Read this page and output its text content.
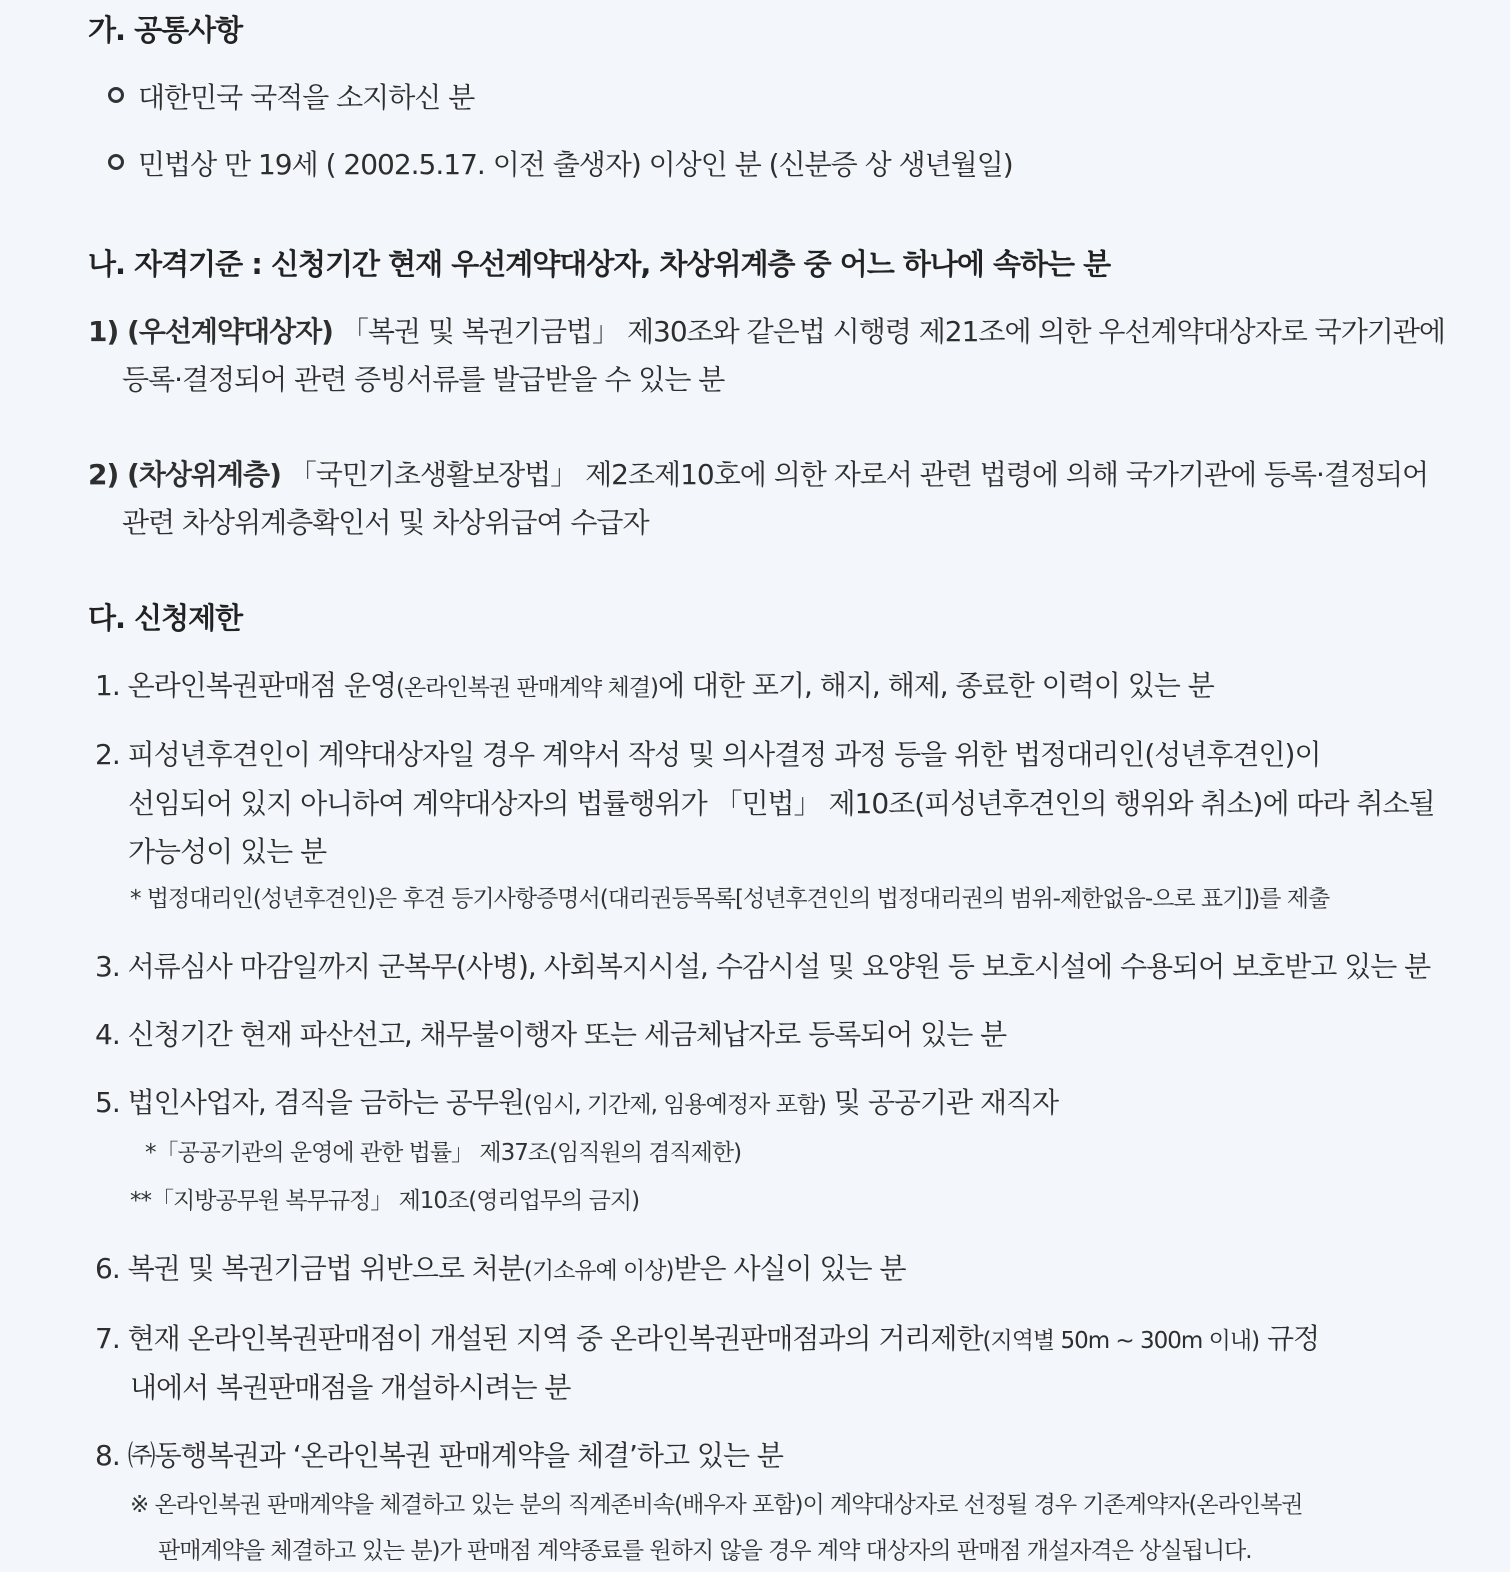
가. 공통사항
대한민국 국적을 소지하신 분
민법상 만 19세 ( 2002.5.17. 이전 출생자) 이상인 분 (신분증 상 생년월일)
나. 자격기준 : 신청기간 현재 우선계약대상자, 차상위계층 중 어느 하나에 속하는 분
1) (우선계약대상자) 「복권 및 복권기금법」 제30조와 같은법 시행령 제21조에 의한 우선계약대상자로 국가기관에
등록·결정되어 관련 증빙서류를 발급받을 수 있는 분
2) (차상위계층) 「국민기초생활보장법」 제2조제10호에 의한 자로서 관련 법령에 의해 국가기관에 등록·결정되어
관련 차상위계층확인서 및 차상위급여 수급자
다. 신청제한
1. 온라인복권판매점 운영(온라인복권 판매계약 체결)에 대한 포기, 해지, 해제, 종료한 이력이 있는 분
2. 피성년후견인이 계약대상자일 경우 계약서 작성 및 의사결정 과정 등을 위한 법정대리인(성년후견인)이
선임되어 있지 아니하여 계약대상자의 법률행위가 「민법」 제10조(피성년후견인의 행위와 취소)에 따라 취소될
가능성이 있는 분
* 법정대리인(성년후견인)은 후견 등기사항증명서(대리권등목록[성년후견인의 법정대리권의 범위-제한없음-으로 표기])를 제출
3. 서류심사 마감일까지 군복무(사병), 사회복지시설, 수감시설 및 요양원 등 보호시설에 수용되어 보호받고 있는 분
4. 신청기간 현재 파산선고, 채무불이행자 또는 세금체납자로 등록되어 있는 분
5. 법인사업자, 겸직을 금하는 공무원(임시, 기간제, 임용예정자 포함) 및 공공기관 재직자
*「공공기관의 운영에 관한 법률」 제37조(임직원의 겸직제한)
**「지방공무원 복무규정」 제10조(영리업무의 금지)
6. 복권 및 복권기금법 위반으로 처분(기소유예 이상)받은 사실이 있는 분
7. 현재 온라인복권판매점이 개설된 지역 중 온라인복권판매점과의 거리제한(지역별 50m ~ 300m 이내) 규정
내에서 복권판매점을 개설하시려는 분
8. ㈜동행복권과 ‘온라인복권 판매계약을 체결’하고 있는 분
※ 온라인복권 판매계약을 체결하고 있는 분의 직계존비속(배우자 포함)이 계약대상자로 선정될 경우 기존계약자(온라인복권
판매계약을 체결하고 있는 분)가 판매점 계약종료를 원하지 않을 경우 계약 대상자의 판매점 개설자격은 상실됩니다.
